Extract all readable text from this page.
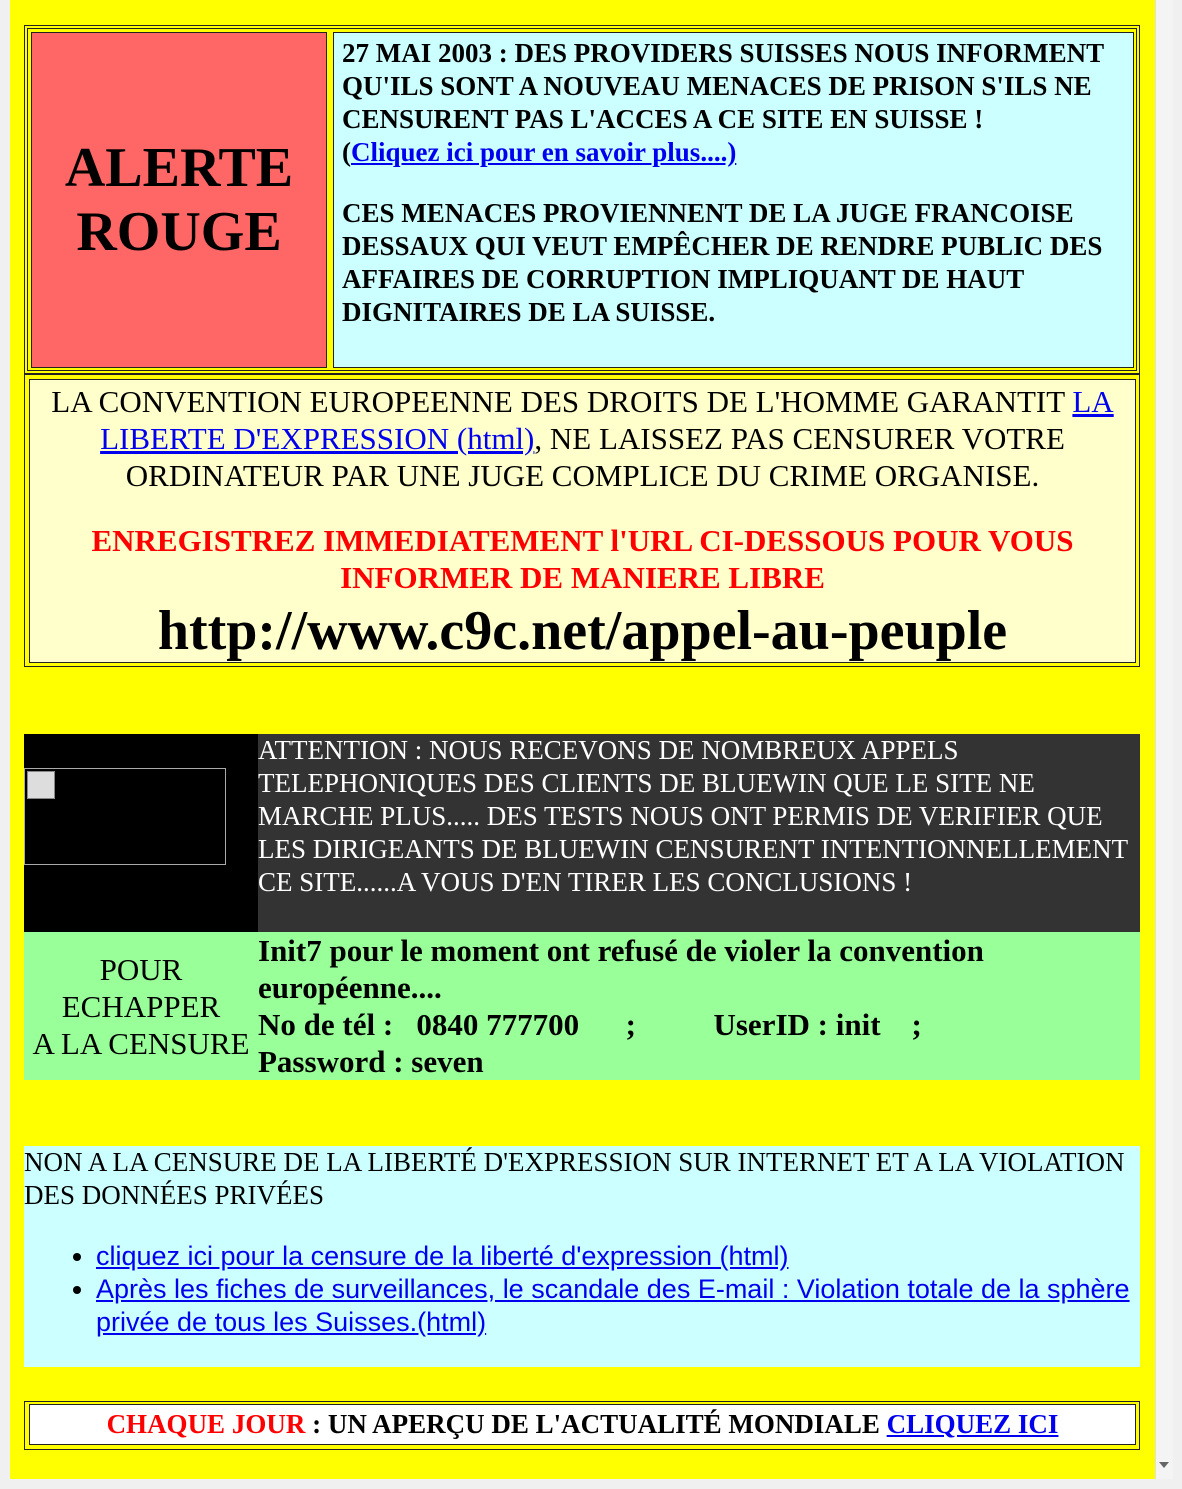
ALERTE
ROUGE

27 MAI 2003 : DES PROVIDERS SUISSES NOUS INFORMENT QU'ILS SONT A NOUVEAU MENACES DE PRISON S'ILS NE CENSURENT PAS L'ACCES A CE SITE EN SUISSE !

(Cliquez ici pour en savoir plus....)

CES MENACES PROVIENNENT DE LA JUGE FRANCOISE DESSAUX QUI VEUT EMPÊCHER DE RENDRE PUBLIC DES AFFAIRES DE CORRUPTION IMPLIQUANT DE HAUT DIGNITAIRES DE LA SUISSE.

LA CONVENTION EUROPEENNE DES DROITS DE L'HOMME GARANTIT LA LIBERTE D'EXPRESSION (html), NE LAISSEZ PAS CENSURER VOTRE ORDINATEUR PAR UNE JUGE COMPLICE DU CRIME ORGANISE.

ENREGISTREZ IMMEDIATEMENT l'URL CI-DESSOUS POUR VOUS INFORMER DE MANIERE LIBRE

http://www.c9c.net/appel-au-peuple

ATTENTION : NOUS RECEVONS DE NOMBREUX APPELS TELEPHONIQUES DES CLIENTS DE BLUEWIN QUE LE SITE NE MARCHE PLUS..... DES TESTS NOUS ONT PERMIS DE VERIFIER QUE LES DIRIGEANTS DE BLUEWIN CENSURENT INTENTIONNELLEMENT CE SITE......A VOUS D'EN TIRER LES CONCLUSIONS !
POUR
ECHAPPER
A LA CENSURE
Init7 pour le moment ont refusé de violer la convention européenne....
No de tél :   0840 777700      ;          UserID : init    ;
Password : seven

NON A LA CENSURE DE LA LIBERTÉ D'EXPRESSION SUR INTERNET ET A LA VIOLATION DES DONNÉES PRIVÉES

• cliquez ici pour la censure de la liberté d'expression (html)
• Après les fiches de surveillances, le scandale des E-mail : Violation totale de la sphère privée de tous les Suisses.(html)
CHAQUE JOUR : UN APERÇU DE L'ACTUALITÉ MONDIALE CLIQUEZ ICI
